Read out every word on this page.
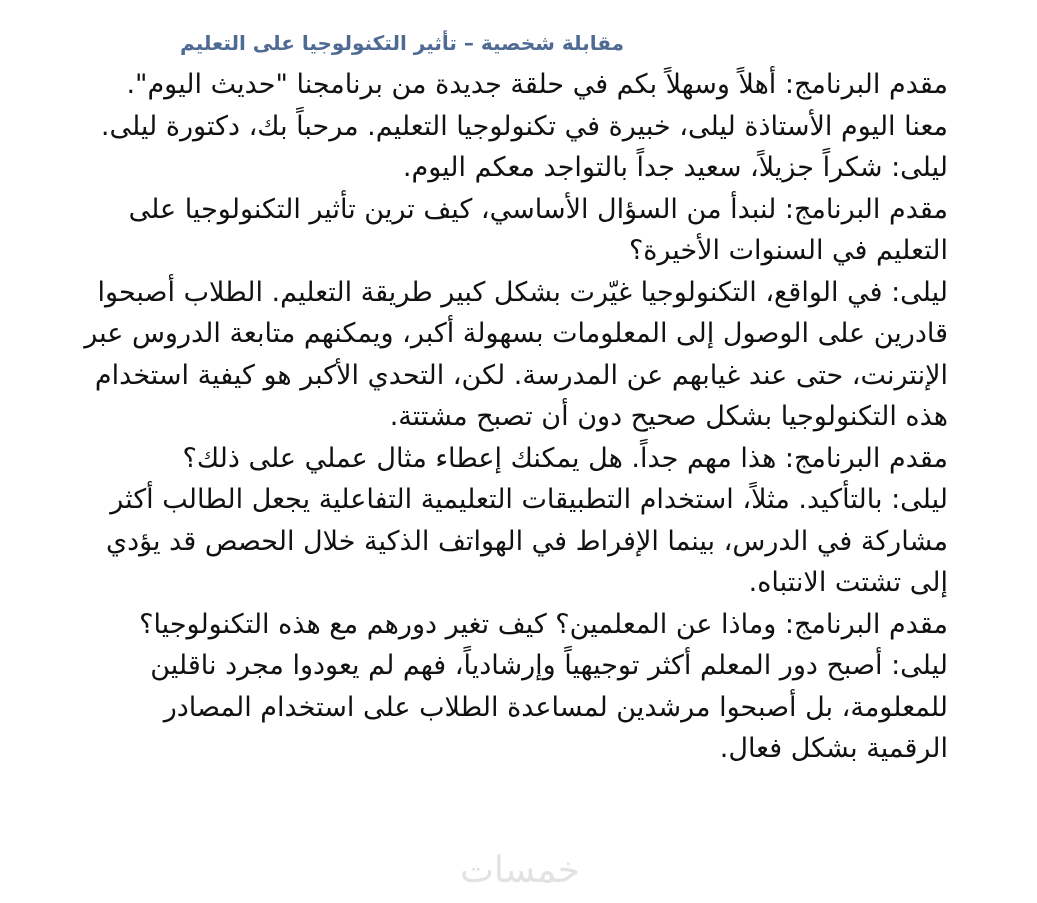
مقابلة شخصية – تأثير التكنولوجيا على التعليم

مقدم البرنامج: أهلاً وسهلاً بكم في حلقة جديدة من برنامجنا "حديث اليوم". معنا اليوم الأستاذة ليلى، خبيرة في تكنولوجيا التعليم. مرحباً بك، دكتورة ليلى.

ليلى: شكراً جزيلاً، سعيد جداً بالتواجد معكم اليوم.

مقدم البرنامج: لنبدأ من السؤال الأساسي، كيف ترين تأثير التكنولوجيا على التعليم في السنوات الأخيرة؟

ليلى: في الواقع، التكنولوجيا غيّرت بشكل كبير طريقة التعليم. الطلاب أصبحوا قادرين على الوصول إلى المعلومات بسهولة أكبر، ويمكنهم متابعة الدروس عبر الإنترنت، حتى عند غيابهم عن المدرسة. لكن، التحدي الأكبر هو كيفية استخدام هذه التكنولوجيا بشكل صحيح دون أن تصبح مشتتة.

مقدم البرنامج: هذا مهم جداً. هل يمكنك إعطاء مثال عملي على ذلك؟

ليلى: بالتأكيد. مثلاً، استخدام التطبيقات التعليمية التفاعلية يجعل الطالب أكثر مشاركة في الدرس، بينما الإفراط في الهواتف الذكية خلال الحصص قد يؤدي إلى تشتت الانتباه.

مقدم البرنامج: وماذا عن المعلمين؟ كيف تغير دورهم مع هذه التكنولوجيا؟

ليلى: أصبح دور المعلم أكثر توجيهياً وإرشادياً، فهم لم يعودوا مجرد ناقلين للمعلومة، بل أصبحوا مرشدين لمساعدة الطلاب على استخدام المصادر الرقمية بشكل فعال.

خمسات
